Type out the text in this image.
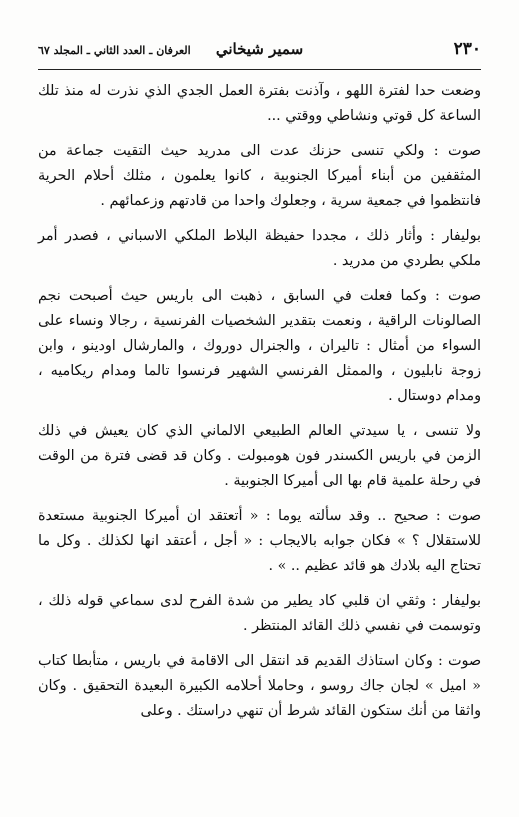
٢٣٠
سمير شيخاني
العرفان ـ العدد الثاني ـ المجلد ٦٧

وضعت حدا لفترة اللهو ، وآذنت بفترة العمل الجدي الذي نذرت له منذ تلك الساعة كل قوتي ونشاطي ووقتي ...

صوت : ولكي تنسى حزنك عدت الى مدريد حيث التقيت جماعة من المثقفين من أبناء أميركا الجنوبية ، كانوا يعلمون ، مثلك أحلام الحرية فانتظموا في جمعية سرية ، وجعلوك واحدا من قادتهم وزعمائهم .

بوليفار : وأثار ذلك ، مجددا حفيظة البلاط الملكي الاسباني ، فصدر أمر ملكي بطردي من مدريد .

صوت : وكما فعلت في السابق ، ذهبت الى باريس حيث أصبحت نجم الصالونات الراقية ، ونعمت بتقدير الشخصيات الفرنسية ، رجالا ونساء على السواء من أمثال : تاليران ، والجنرال دوروك ، والمارشال اودينو ، وابن زوجة نابليون ، والممثل الفرنسي الشهير فرنسوا تالما ومدام ريكاميه ، ومدام دوستال .

ولا تنسى ، يا سيدتي العالم الطبيعي الالماني الذي كان يعيش في ذلك الزمن في باريس الكسندر فون هومبولت . وكان قد قضى فترة من الوقت في رحلة علمية قام بها الى أميركا الجنوبية .

صوت : صحيح .. وقد سألته يوما : « أتعتقد ان أميركا الجنوبية مستعدة للاستقلال ؟ » فكان جوابه بالايجاب : « أجل ، أعتقد انها لكذلك . وكل ما تحتاج اليه بلادك هو قائد عظيم .. » .

بوليفار : وثقي ان قلبي كاد يطير من شدة الفرح لدى سماعي قوله ذلك ، وتوسمت في نفسي ذلك القائد المنتظر .

صوت : وكان استاذك القديم قد انتقل الى الاقامة في باريس ، متأبطا كتاب « اميل » لجان جاك روسو ، وحاملا أحلامه الكبيرة البعيدة التحقيق . وكان واثقا من أنك ستكون القائد شرط أن تنهي دراستك . وعلى
